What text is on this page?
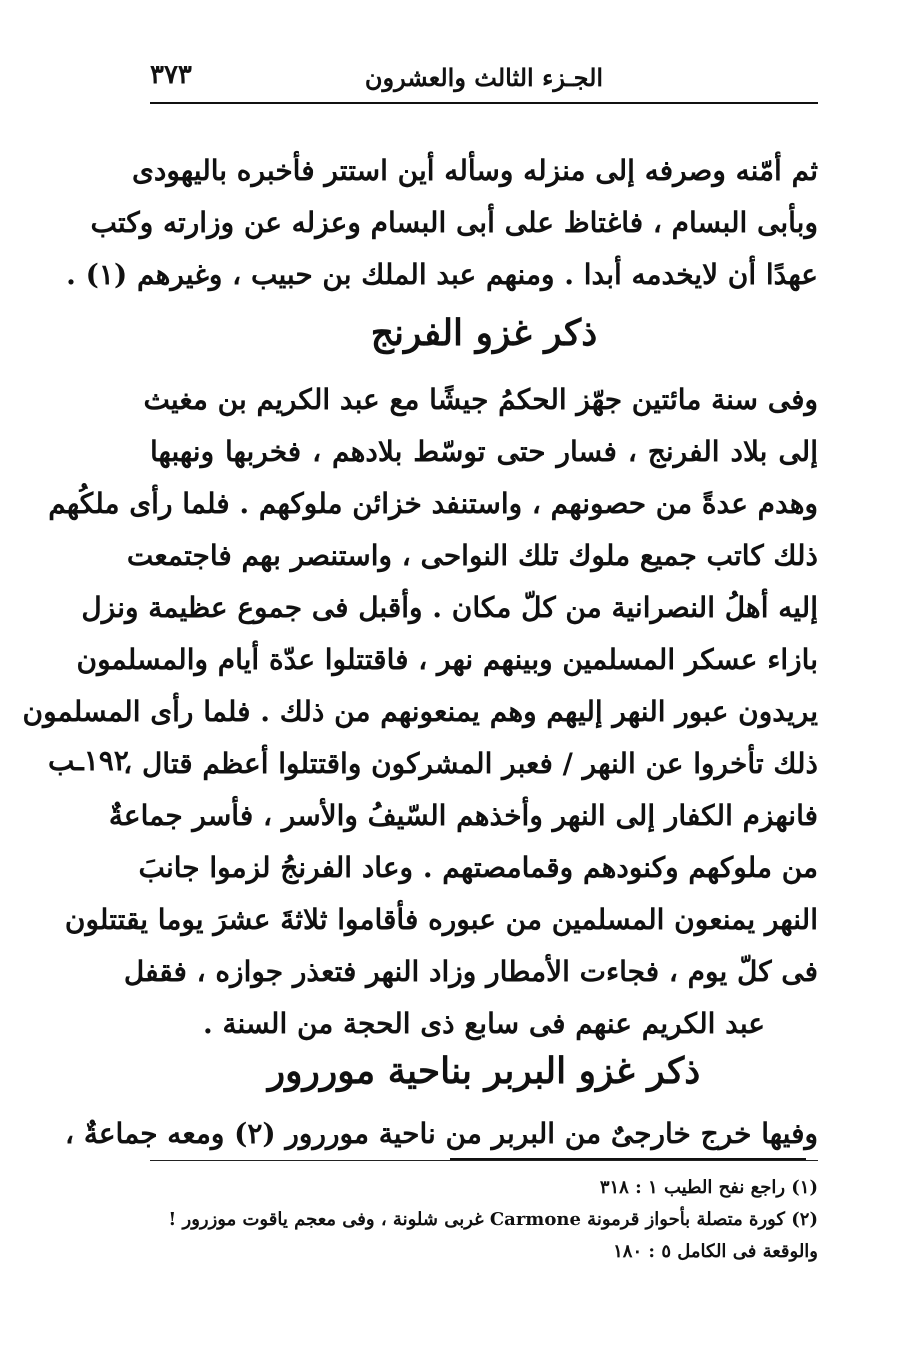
الجـزء الثالث والعشرون
٣٧٣
ثم أمّنه وصرفه إلى منزله وسأله أين استتر فأخبره باليهودى
وبأبى البسام ، فاغتاظ على أبى البسام وعزله عن وزارته وكتب
عهدًا أن لايخدمه أبدا . ومنهم عبد الملك بن حبيب ، وغيرهم (١) .
ذكر غزو الفرنج
وفى سنة مائتين جهّز الحكمُ جيشًا مع عبد الكريم بن مغيث
إلى بلاد الفرنج ، فسار حتى توسّط بلادهم ، فخربها ونهبها
وهدم عدةً من حصونهم ، واستنفد خزائن ملوكهم . فلما رأى ملكُهم
ذلك كاتب جميع ملوك تلك النواحى ، واستنصر بهم فاجتمعت
إليه أهلُ النصرانية من كلّ مكان . وأقبل فى جموع عظيمة ونزل
بازاء عسكر المسلمين وبينهم نهر ، فاقتتلوا عدّة أيام والمسلمون
يريدون عبور النهر إليهم وهم يمنعونهم من ذلك . فلما رأى المسلمون
ذلك تأخروا عن النهر / فعبر المشركون واقتتلوا أعظم قتال ،
فانهزم الكفار إلى النهر وأخذهم السّيفُ والأسر ، فأسر جماعةٌ
من ملوكهم وكنودهم وقمامصتهم . وعاد الفرنجُ لزموا جانبَ
النهر يمنعون المسلمين من عبوره فأقاموا ثلاثةَ عشرَ يوما يقتتلون
فى كلّ يوم ، فجاءت الأمطار وزاد النهر فتعذر جوازه ، فقفل
عبد الكريم عنهم فى سابع ذى الحجة من السنة .
١٩٢ـب
ذكر غزو البربر بناحية موررور
وفيها خرج خارجىٌ من البربر من ناحية موررور (٢) ومعه جماعةٌ ،
(١) راجع نفح الطيب ١ : ٣١٨
(٢) كورة متصلة بأحواز قرمونة Carmone غربى شلونة ، وفى معجم ياقوت موزرور !
والوقعة فى الكامل ٥ : ١٨٠
